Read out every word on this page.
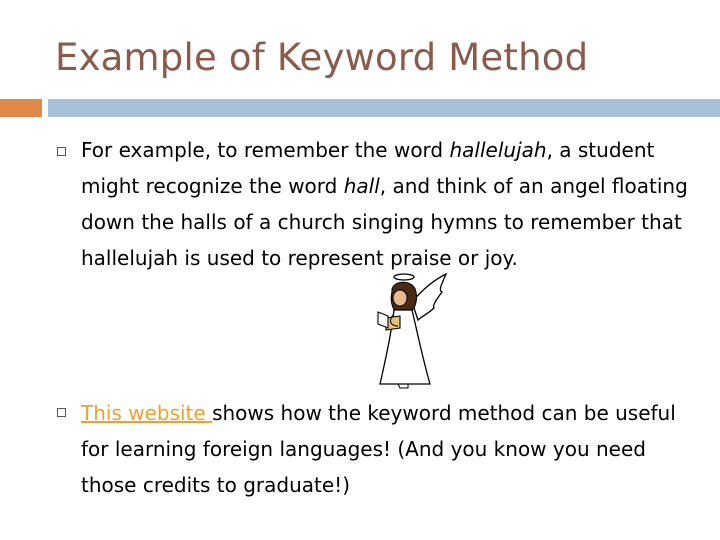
Example of Keyword Method
For example, to remember the word hallelujah, a student might recognize the word hall, and think of an angel floating down the halls of a church singing hymns to remember that hallelujah is used to represent praise or joy.
This website shows how the keyword method can be useful for learning foreign languages! (And you know you need those credits to graduate!)
